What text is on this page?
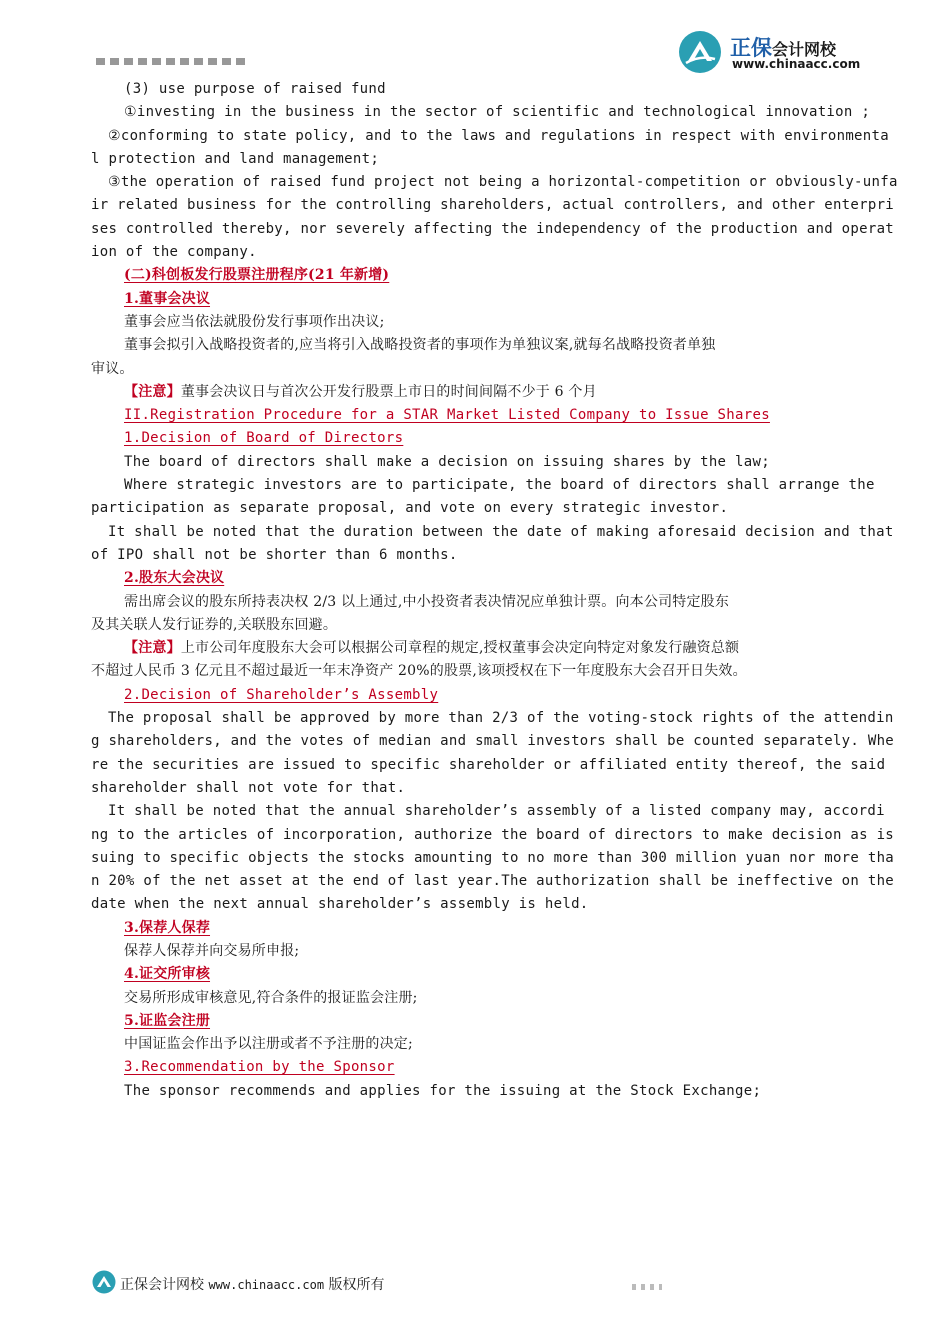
正保会计网校
www.chinaacc.com
(3) use purpose of raised fund
①investing in the business in the sector of scientific and technological innovation ;
②conforming to state policy, and to the laws and regulations in respect with environmenta
l protection and land management;
③the operation of raised fund project not being a horizontal-competition or obviously-unfa
ir related business for the controlling shareholders, actual controllers, and other enterpri
ses controlled thereby, nor severely affecting the independency of the production and operat
ion of the company.
(二)科创板发行股票注册程序(21 年新增)
1.董事会决议
董事会应当依法就股份发行事项作出决议;
董事会拟引入战略投资者的,应当将引入战略投资者的事项作为单独议案,就每名战略投资者单独
审议。
【注意】董事会决议日与首次公开发行股票上市日的时间间隔不少于 6 个月
II.Registration Procedure for a STAR Market Listed Company to Issue Shares
1.Decision of Board of Directors
The board of directors shall make a decision on issuing shares by the law;
Where strategic investors are to participate, the board of directors shall arrange the
participation as separate proposal, and vote on every strategic investor.
It shall be noted that the duration between the date of making aforesaid decision and that
of IPO shall not be shorter than 6 months.
2.股东大会决议
需出席会议的股东所持表决权 2/3 以上通过,中小投资者表决情况应单独计票。向本公司特定股东
及其关联人发行证券的,关联股东回避。
【注意】上市公司年度股东大会可以根据公司章程的规定,授权董事会决定向特定对象发行融资总额
不超过人民币 3 亿元且不超过最近一年末净资产 20%的股票,该项授权在下一年度股东大会召开日失效。
2.Decision of Shareholder’s Assembly
The proposal shall be approved by more than 2/3 of the voting-stock rights of the attendin
g shareholders, and the votes of median and small investors shall be counted separately. Whe
re the securities are issued to specific shareholder or affiliated entity thereof, the said
shareholder shall not vote for that.
It shall be noted that the annual shareholder’s assembly of a listed company may, accordi
ng to the articles of incorporation, authorize the board of directors to make decision as is
suing to specific objects the stocks amounting to no more than 300 million yuan nor more tha
n 20% of the net asset at the end of last year.The authorization shall be ineffective on the
date when the next annual shareholder’s assembly is held.
3.保荐人保荐
保荐人保荐并向交易所申报;
4.证交所审核
交易所形成审核意见,符合条件的报证监会注册;
5.证监会注册
中国证监会作出予以注册或者不予注册的决定;
3.Recommendation by the Sponsor
The sponsor recommends and applies for the issuing at the Stock Exchange;
正保会计网校 www.chinaacc.com 版权所有
